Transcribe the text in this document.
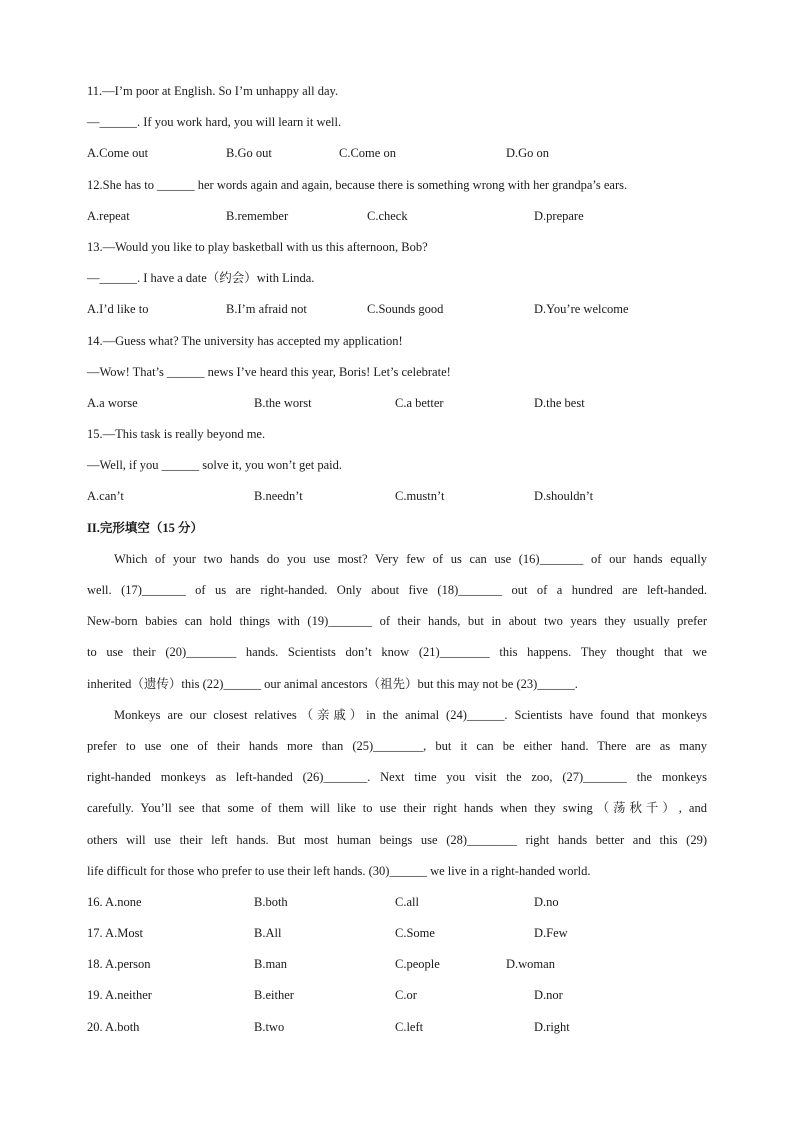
11.—I’m poor at English. So I’m unhappy all day.
—______. If you work hard, you will learn it well.
A.Come out	B.Go out	C.Come on	D.Go on
12.She has to ______ her words again and again, because there is something wrong with her grandpa’s ears.
A.repeat	B.remember	C.check	D.prepare
13.—Would you like to play basketball with us this afternoon, Bob?
—______. I have a date（约会）with Linda.
A.I’d like to	B.I’m afraid not	C.Sounds good	D.You’re welcome
14.—Guess what? The university has accepted my application!
—Wow! That’s ______ news I’ve heard this year, Boris! Let’s celebrate!
A.a worse	B.the worst	C.a better	D.the best
15.—This task is really beyond me.
—Well, if you ______ solve it, you won’t get paid.
A.can’t	B.needn’t	C.mustn’t	D.shouldn’t
II.完形填空（15 分）
Which of your two hands do you use most? Very few of us can use (16)_______ of our hands equally
well. (17)_______ of us are right-handed. Only about five (18)_______ out of a hundred are left-handed.
New-born babies can hold things with (19)_______ of their hands, but in about two years they usually prefer
to use their (20)________ hands. Scientists don’t know (21)________ this happens. They thought that we
inherited（遗传）this (22)______ our animal ancestors（祖先）but this may not be (23)______.
Monkeys are our closest relatives（亲戚）in the animal (24)______. Scientists have found that monkeys
prefer to use one of their hands more than (25)________, but it can be either hand. There are as many
right-handed monkeys as left-handed (26)_______. Next time you visit the zoo, (27)_______ the monkeys
carefully. You’ll see that some of them will like to use their right hands when they swing（荡秋千）, and
others will use their left hands. But most human beings use (28)________ right hands better and this (29)
life difficult for those who prefer to use their left hands. (30)______ we live in a right-handed world.
16. A.none	B.both	C.all	D.no
17. A.Most	B.All	C.Some	D.Few
18. A.person	B.man	C.people	D.woman
19. A.neither	B.either	C.or	D.nor
20. A.both	B.two	C.left	D.right
